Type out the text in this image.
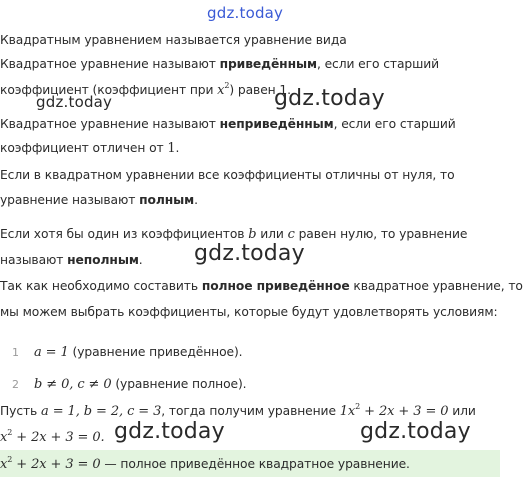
gdz.today
Квадратным уравнением называется уравнение вида
Квадратное уравнение называют приведённым, если его старший
коэффициент (коэффициент при $x^2$) равен 1.
gdz.today	gdz.today
Квадратное уравнение называют неприведённым, если его старший
коэффициент отличен от 1.
Если в квадратном уравнении все коэффициенты отличны от нуля, то
уравнение называют полным.
Если хотя бы один из коэффициентов b или c равен нулю, то уравнение
gdz.today
называют неполным.
Так как необходимо составить полное приведённое квадратное уравнение, то
мы можем выбрать коэффициенты, которые будут удовлетворять условиям:
1 a = 1 (уравнение приведённое).
2 b ≠ 0, c ≠ 0 (уравнение полное).
Пусть a = 1, b = 2, c = 3, тогда получим уравнение $1x^2 + 2x + 3 = 0$ или
$x^2 + 2x + 3 = 0$. gdz.today	gdz.today
$x^2 + 2x + 3 = 0$ — полное приведённое квадратное уравнение.
